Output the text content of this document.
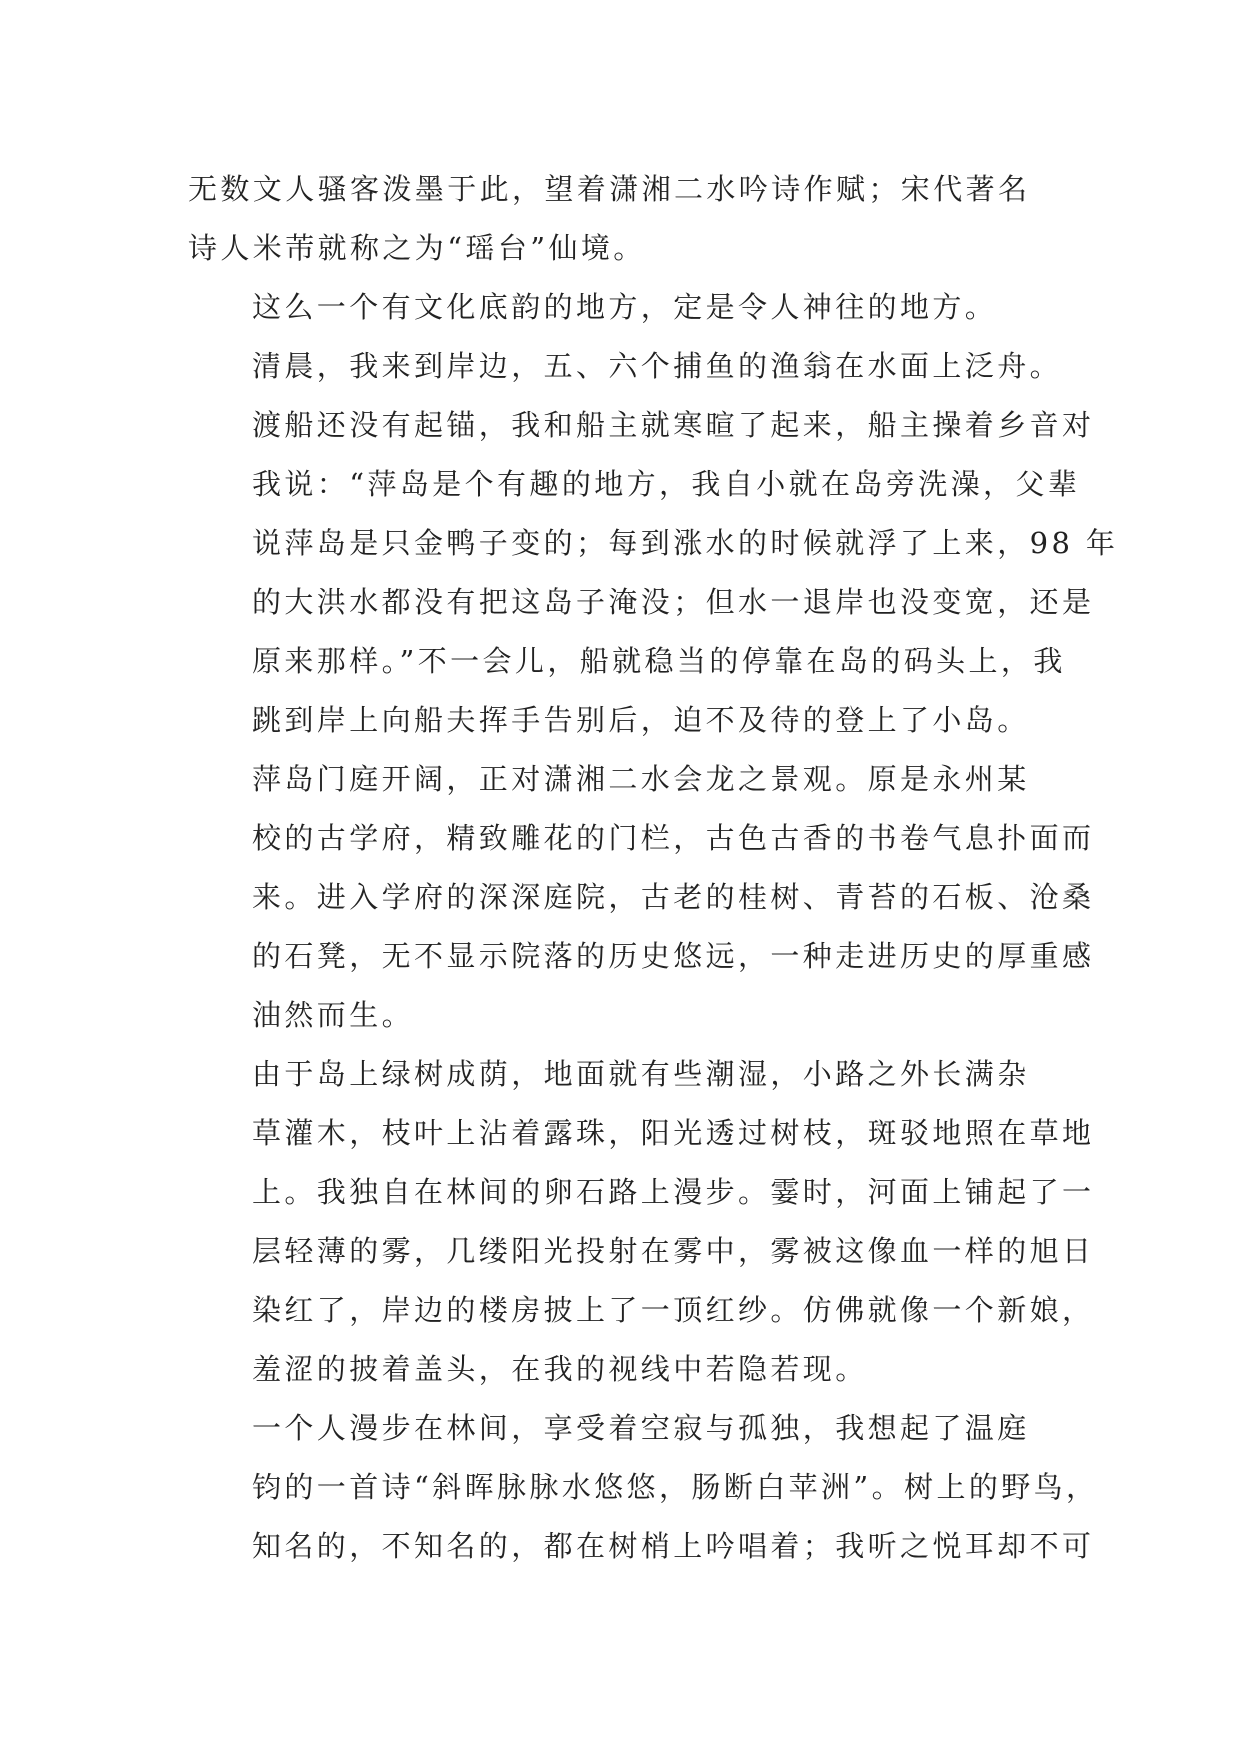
无数文人骚客泼墨于此，望着潇湘二水吟诗作赋；宋代著名
诗人米芾就称之为“瑶台”仙境。
这么一个有文化底韵的地方，定是令人神往的地方。
清晨，我来到岸边，五、六个捕鱼的渔翁在水面上泛舟。
渡船还没有起锚，我和船主就寒暄了起来，船主操着乡音对
我说：“萍岛是个有趣的地方，我自小就在岛旁洗澡，父辈
说萍岛是只金鸭子变的；每到涨水的时候就浮了上来，98 年
的大洪水都没有把这岛子淹没；但水一退岸也没变宽，还是
原来那样。”不一会儿，船就稳当的停靠在岛的码头上，我
跳到岸上向船夫挥手告别后，迫不及待的登上了小岛。
萍岛门庭开阔，正对潇湘二水会龙之景观。原是永州某
校的古学府，精致雕花的门栏，古色古香的书卷气息扑面而
来。进入学府的深深庭院，古老的桂树、青苔的石板、沧桑
的石凳，无不显示院落的历史悠远，一种走进历史的厚重感
油然而生。
由于岛上绿树成荫，地面就有些潮湿，小路之外长满杂
草灌木，枝叶上沾着露珠，阳光透过树枝，斑驳地照在草地
上。我独自在林间的卵石路上漫步。霎时，河面上铺起了一
层轻薄的雾，几缕阳光投射在雾中，雾被这像血一样的旭日
染红了，岸边的楼房披上了一顶红纱。仿佛就像一个新娘，
羞涩的披着盖头，在我的视线中若隐若现。
一个人漫步在林间，享受着空寂与孤独，我想起了温庭
钧的一首诗“斜晖脉脉水悠悠，肠断白苹洲”。树上的野鸟，
知名的，不知名的，都在树梢上吟唱着；我听之悦耳却不可
